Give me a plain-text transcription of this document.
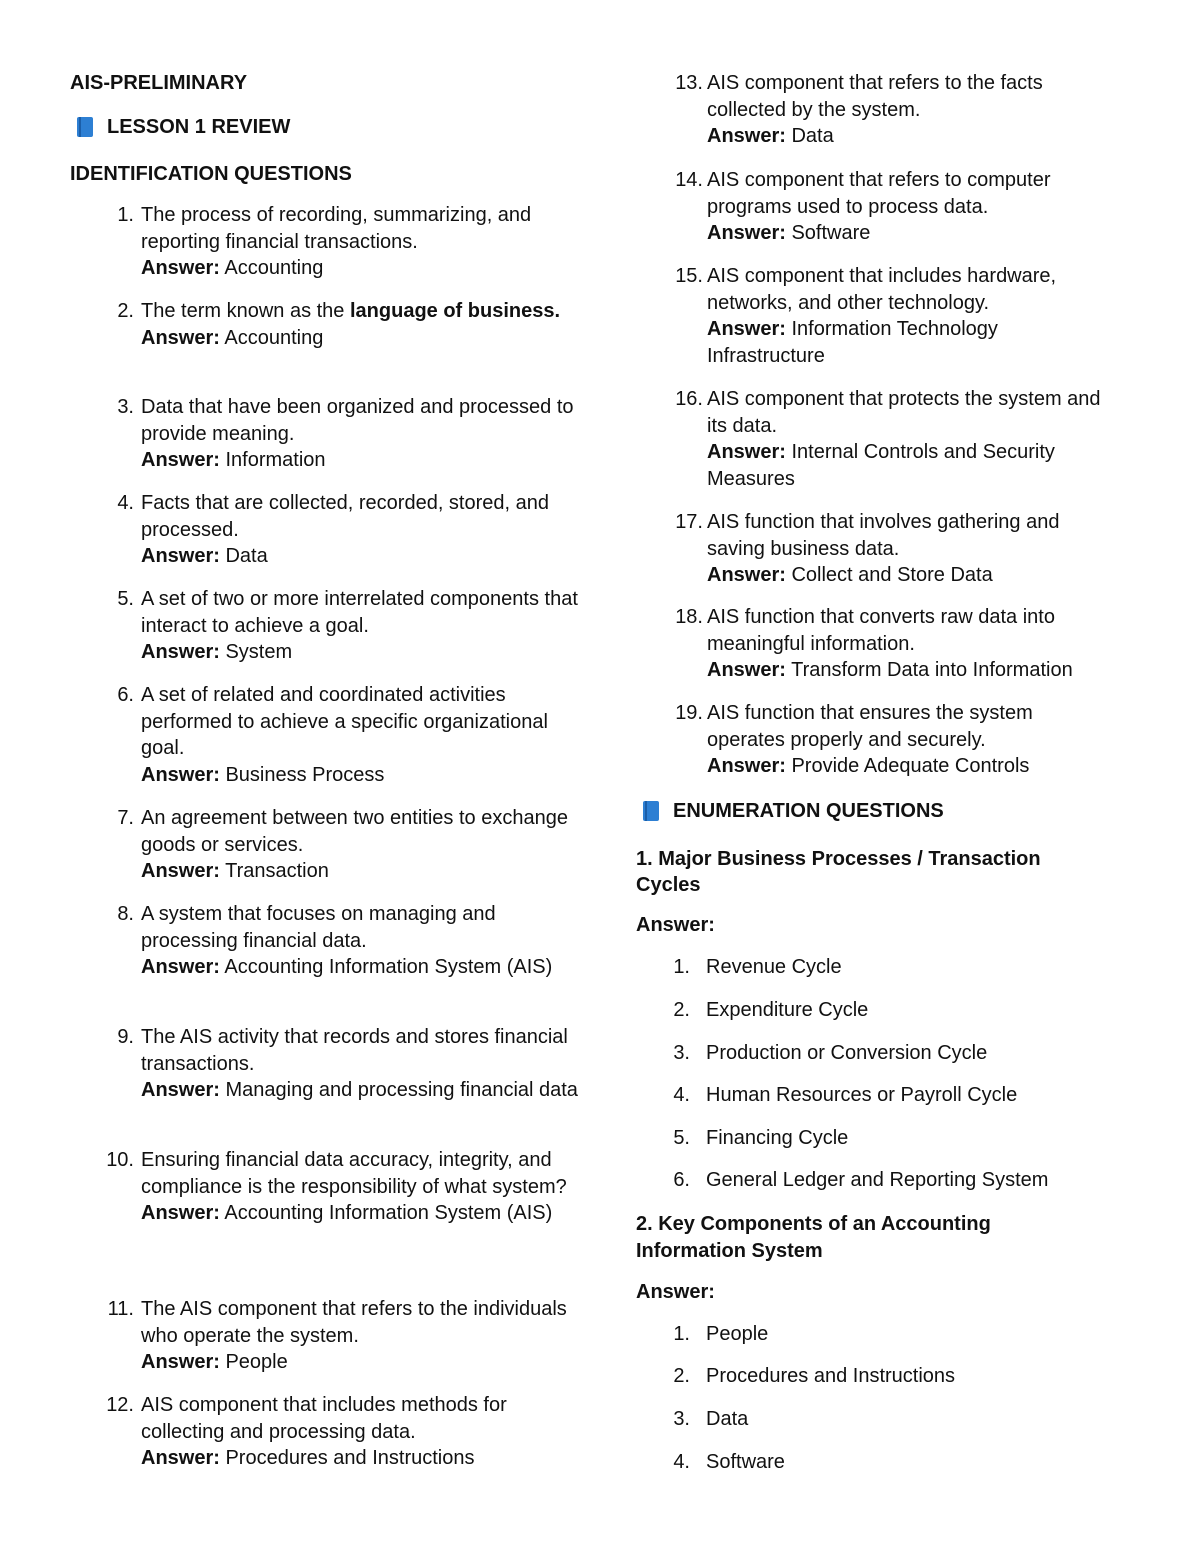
AIS-PRELIMINARY
LESSON 1 REVIEW
IDENTIFICATION QUESTIONS
1. The process of recording, summarizing, and reporting financial transactions.
Answer: Accounting
2. The term known as the language of business.
Answer: Accounting
3. Data that have been organized and processed to provide meaning.
Answer: Information
4. Facts that are collected, recorded, stored, and processed.
Answer: Data
5. A set of two or more interrelated components that interact to achieve a goal.
Answer: System
6. A set of related and coordinated activities performed to achieve a specific organizational goal.
Answer: Business Process
7. An agreement between two entities to exchange goods or services.
Answer: Transaction
8. A system that focuses on managing and processing financial data.
Answer: Accounting Information System (AIS)
9. The AIS activity that records and stores financial transactions.
Answer: Managing and processing financial data
10. Ensuring financial data accuracy, integrity, and compliance is the responsibility of what system?
Answer: Accounting Information System (AIS)
11. The AIS component that refers to the individuals who operate the system.
Answer: People
12. AIS component that includes methods for collecting and processing data.
Answer: Procedures and Instructions
13. AIS component that refers to the facts collected by the system.
Answer: Data
14. AIS component that refers to computer programs used to process data.
Answer: Software
15. AIS component that includes hardware, networks, and other technology.
Answer: Information Technology Infrastructure
16. AIS component that protects the system and its data.
Answer: Internal Controls and Security Measures
17. AIS function that involves gathering and saving business data.
Answer: Collect and Store Data
18. AIS function that converts raw data into meaningful information.
Answer: Transform Data into Information
19. AIS function that ensures the system operates properly and securely.
Answer: Provide Adequate Controls
ENUMERATION QUESTIONS
1. Major Business Processes / Transaction Cycles
Answer:
1. Revenue Cycle
2. Expenditure Cycle
3. Production or Conversion Cycle
4. Human Resources or Payroll Cycle
5. Financing Cycle
6. General Ledger and Reporting System
2. Key Components of an Accounting Information System
Answer:
1. People
2. Procedures and Instructions
3. Data
4. Software
